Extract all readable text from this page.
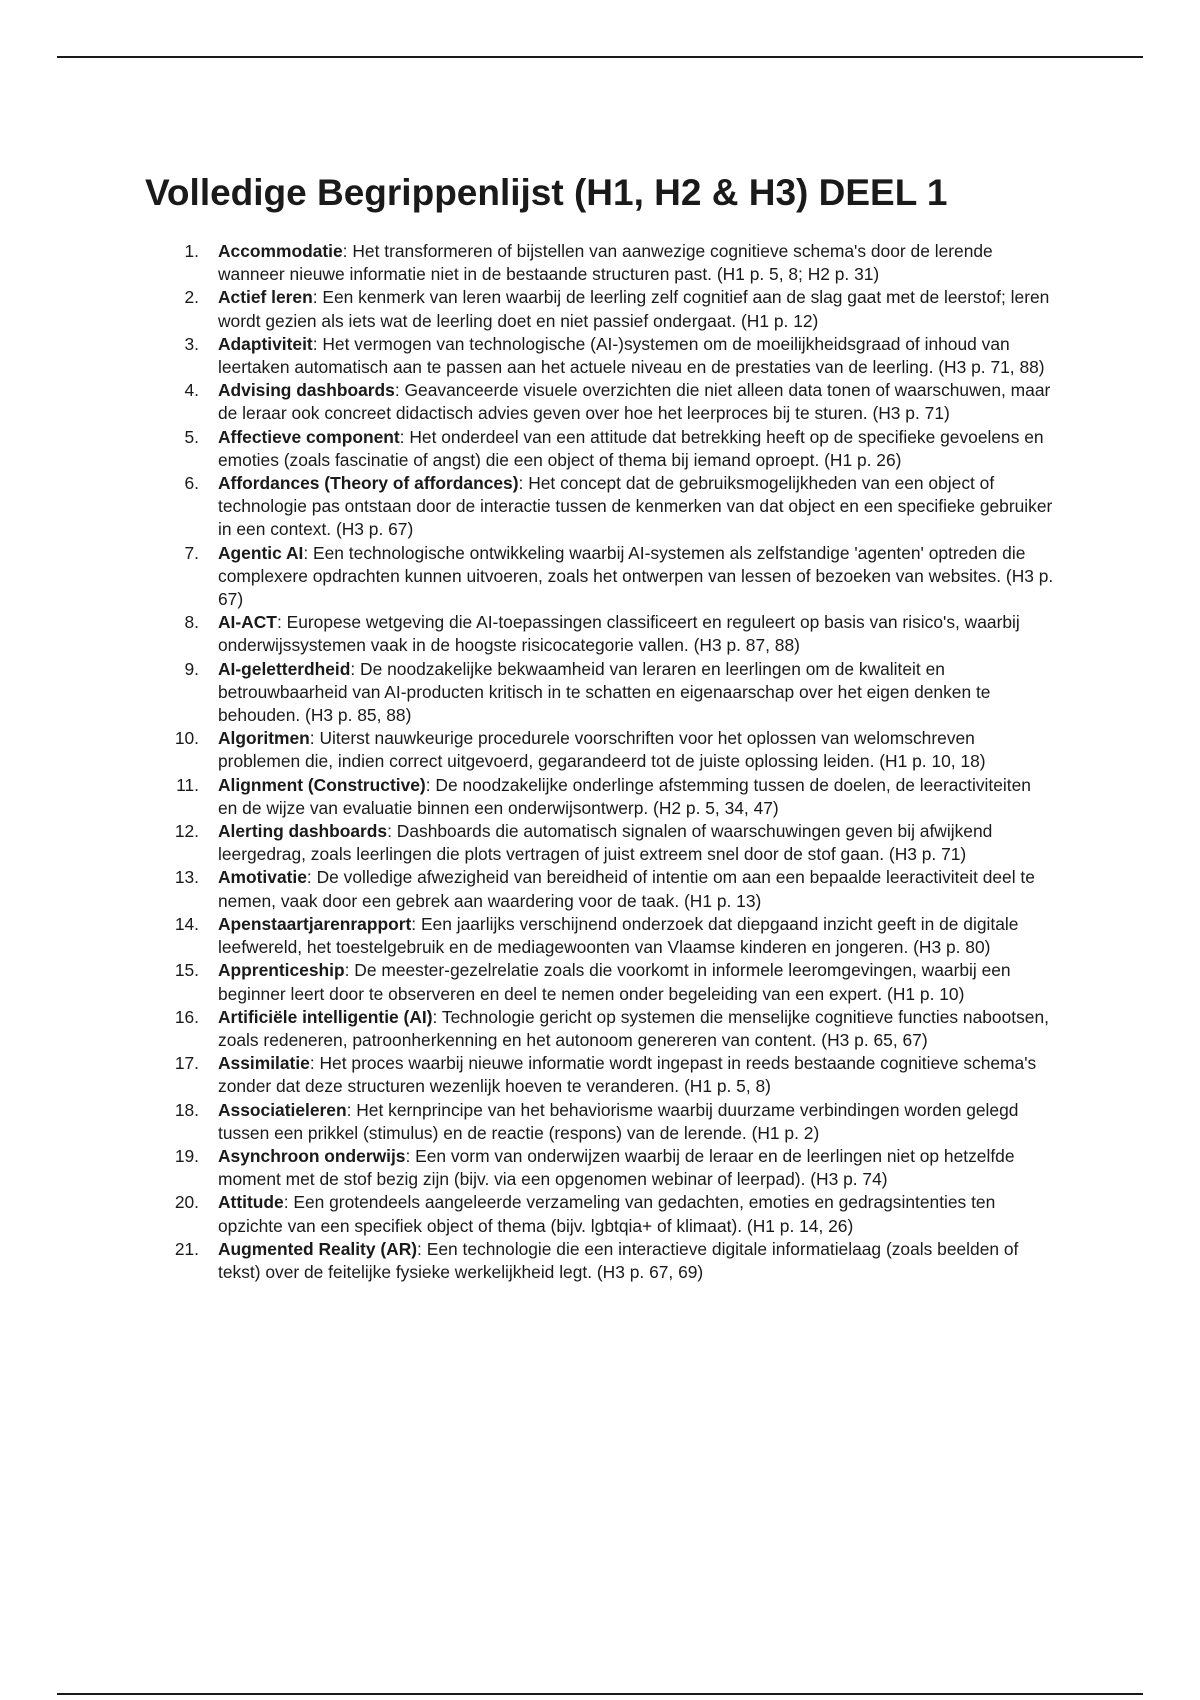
Volledige Begrippenlijst (H1, H2 & H3) DEEL 1
1. Accommodatie: Het transformeren of bijstellen van aanwezige cognitieve schema's door de lerende wanneer nieuwe informatie niet in de bestaande structuren past. (H1 p. 5, 8; H2 p. 31)
2. Actief leren: Een kenmerk van leren waarbij de leerling zelf cognitief aan de slag gaat met de leerstof; leren wordt gezien als iets wat de leerling doet en niet passief ondergaat. (H1 p. 12)
3. Adaptiviteit: Het vermogen van technologische (AI-)systemen om de moeilijkheidsgraad of inhoud van leertaken automatisch aan te passen aan het actuele niveau en de prestaties van de leerling. (H3 p. 71, 88)
4. Advising dashboards: Geavanceerde visuele overzichten die niet alleen data tonen of waarschuwen, maar de leraar ook concreet didactisch advies geven over hoe het leerproces bij te sturen. (H3 p. 71)
5. Affectieve component: Het onderdeel van een attitude dat betrekking heeft op de specifieke gevoelens en emoties (zoals fascinatie of angst) die een object of thema bij iemand oproept. (H1 p. 26)
6. Affordances (Theory of affordances): Het concept dat de gebruiksmogelijkheden van een object of technologie pas ontstaan door de interactie tussen de kenmerken van dat object en een specifieke gebruiker in een context. (H3 p. 67)
7. Agentic AI: Een technologische ontwikkeling waarbij AI-systemen als zelfstandige 'agenten' optreden die complexere opdrachten kunnen uitvoeren, zoals het ontwerpen van lessen of bezoeken van websites. (H3 p. 67)
8. AI-ACT: Europese wetgeving die AI-toepassingen classificeert en reguleert op basis van risico's, waarbij onderwijssystemen vaak in de hoogste risicocategorie vallen. (H3 p. 87, 88)
9. AI-geletterdheid: De noodzakelijke bekwaamheid van leraren en leerlingen om de kwaliteit en betrouwbaarheid van AI-producten kritisch in te schatten en eigenaarschap over het eigen denken te behouden. (H3 p. 85, 88)
10. Algoritmen: Uiterst nauwkeurige procedurele voorschriften voor het oplossen van welomschreven problemen die, indien correct uitgevoerd, gegarandeerd tot de juiste oplossing leiden. (H1 p. 10, 18)
11. Alignment (Constructive): De noodzakelijke onderlinge afstemming tussen de doelen, de leeractiviteiten en de wijze van evaluatie binnen een onderwijsontwerp. (H2 p. 5, 34, 47)
12. Alerting dashboards: Dashboards die automatisch signalen of waarschuwingen geven bij afwijkend leergedrag, zoals leerlingen die plots vertragen of juist extreem snel door de stof gaan. (H3 p. 71)
13. Amotivatie: De volledige afwezigheid van bereidheid of intentie om aan een bepaalde leeractiviteit deel te nemen, vaak door een gebrek aan waardering voor de taak. (H1 p. 13)
14. Apenstaartjarenrapport: Een jaarlijks verschijnend onderzoek dat diepgaand inzicht geeft in de digitale leefwereld, het toestelgebruik en de mediagewoonten van Vlaamse kinderen en jongeren. (H3 p. 80)
15. Apprenticeship: De meester-gezelrelatie zoals die voorkomt in informele leeromgevingen, waarbij een beginner leert door te observeren en deel te nemen onder begeleiding van een expert. (H1 p. 10)
16. Artificiële intelligentie (AI): Technologie gericht op systemen die menselijke cognitieve functies nabootsen, zoals redeneren, patroonherkenning en het autonoom genereren van content. (H3 p. 65, 67)
17. Assimilatie: Het proces waarbij nieuwe informatie wordt ingepast in reeds bestaande cognitieve schema's zonder dat deze structuren wezenlijk hoeven te veranderen. (H1 p. 5, 8)
18. Associatieleren: Het kernprincipe van het behaviorisme waarbij duurzame verbindingen worden gelegd tussen een prikkel (stimulus) en de reactie (respons) van de lerende. (H1 p. 2)
19. Asynchroon onderwijs: Een vorm van onderwijzen waarbij de leraar en de leerlingen niet op hetzelfde moment met de stof bezig zijn (bijv. via een opgenomen webinar of leerpad). (H3 p. 74)
20. Attitude: Een grotendeels aangeleerde verzameling van gedachten, emoties en gedragsintenties ten opzichte van een specifiek object of thema (bijv. lgbtqia+ of klimaat). (H1 p. 14, 26)
21. Augmented Reality (AR): Een technologie die een interactieve digitale informatielaag (zoals beelden of tekst) over de feitelijke fysieke werkelijkheid legt. (H3 p. 67, 69)
